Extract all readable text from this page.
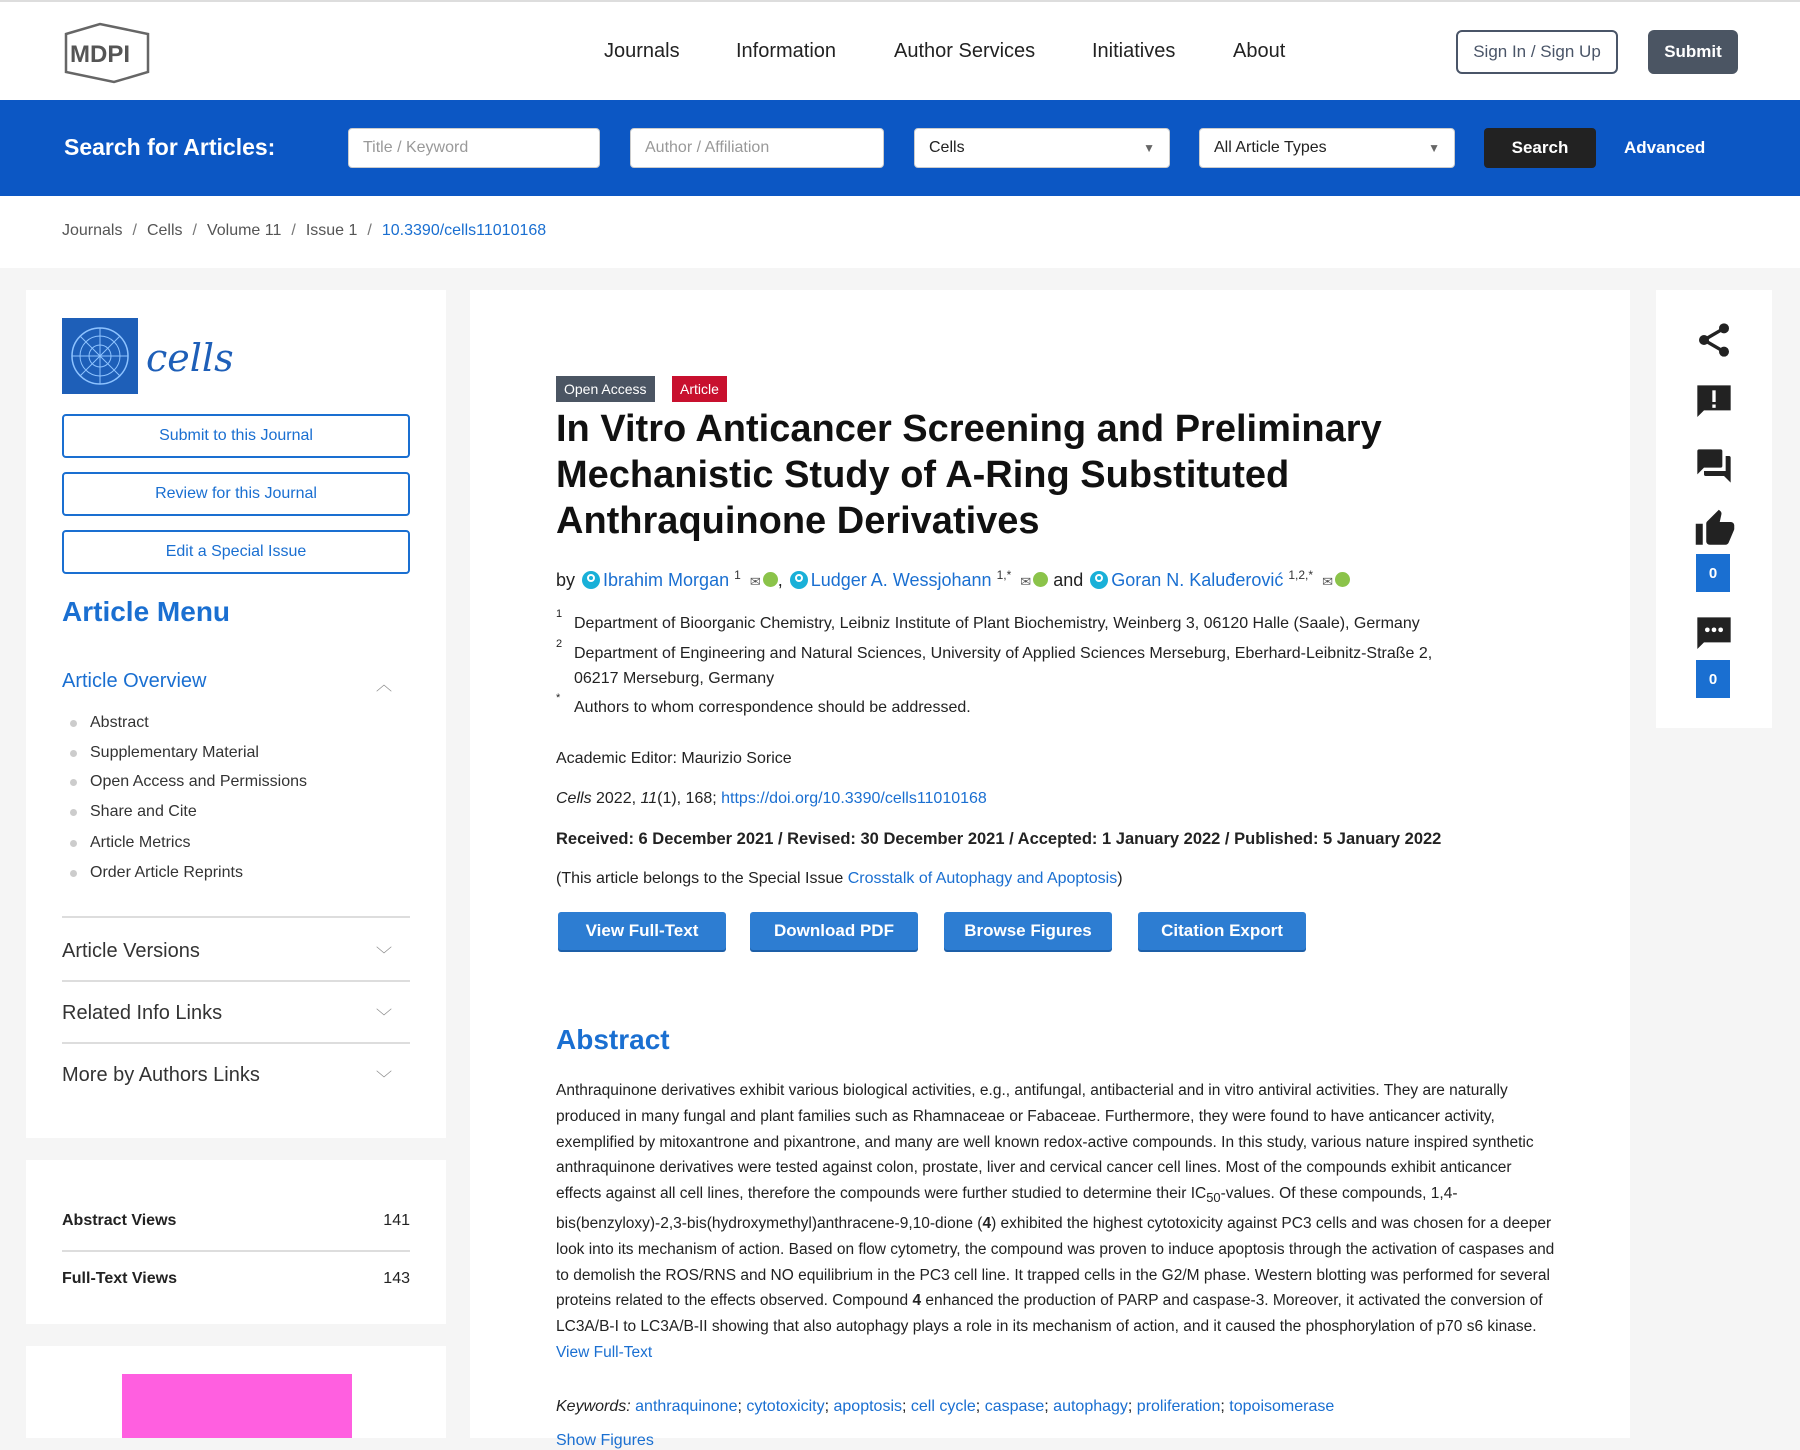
MDPI	Journals	Information	Author Services	Initiatives	About	Sign In / Sign Up	Submit
Search for Articles:	Title / Keyword	Author / Affiliation	Cells	▼	All Article Types	▼	Search	Advanced
Journals / Cells / Volume 11 / Issue 1 / 10.3390/cells11010168
cells
Submit to this Journal
Review for this Journal
Edit a Special Issue
Article Menu
Article Overview	︿
Abstract
Supplementary Material
Open Access and Permissions
Share and Cite
Article Metrics
Order Article Reprints
Article Versions	﹀
Related Info Links	﹀
More by Authors Links	﹀
Abstract Views	141
Full-Text Views	143
Open Access	Article
In Vitro Anticancer Screening and Preliminary Mechanistic Study of A-Ring Substituted Anthraquinone Derivatives
by Ibrahim Morgan $^1$ ✉ , Ludger A. Wessjohann $^{1,*}$ ✉ and Goran N. Kaluđerović $^{1,2,*}$ ✉
1
Department of Bioorganic Chemistry, Leibniz Institute of Plant Biochemistry, Weinberg 3, 06120 Halle (Saale), Germany
2
Department of Engineering and Natural Sciences, University of Applied Sciences Merseburg, Eberhard-Leibnitz-Straße 2,
06217 Merseburg, Germany
*
Authors to whom correspondence should be addressed.
Academic Editor: Maurizio Sorice
Cells 2022, 11(1), 168; https://doi.org/10.3390/cells11010168
Received: 6 December 2021 / Revised: 30 December 2021 / Accepted: 1 January 2022 / Published: 5 January 2022
(This article belongs to the Special Issue Crosstalk of Autophagy and Apoptosis)
View Full-Text	Download PDF	Browse Figures	Citation Export
Abstract
Anthraquinone derivatives exhibit various biological activities, e.g., antifungal, antibacterial and in vitro antiviral activities. They are naturally produced in many fungal and plant families such as Rhamnaceae or Fabaceae. Furthermore, they were found to have anticancer activity, exemplified by mitoxantrone and pixantrone, and many are well known redox-active compounds. In this study, various nature inspired synthetic anthraquinone derivatives were tested against colon, prostate, liver and cervical cancer cell lines. Most of the compounds exhibit anticancer effects against all cell lines, therefore the compounds were further studied to determine their $IC_{50}$-values. Of these compounds, 1,4-bis(benzyloxy)-2,3-bis(hydroxymethyl)anthracene-9,10-dione (4) exhibited the highest cytotoxicity against PC3 cells and was chosen for a deeper look into its mechanism of action. Based on flow cytometry, the compound was proven to induce apoptosis through the activation of caspases and to demolish the ROS/RNS and NO equilibrium in the PC3 cell line. It trapped cells in the G2/M phase. Western blotting was performed for several proteins related to the effects observed. Compound 4 enhanced the production of PARP and caspase-3. Moreover, it activated the conversion of LC3A/B-I to LC3A/B-II showing that also autophagy plays a role in its mechanism of action, and it caused the phosphorylation of p70 s6 kinase. View Full-Text
Keywords: anthraquinone; cytotoxicity; apoptosis; cell cycle; caspase; autophagy; proliferation; topoisomerase
Show Figures
0
0
